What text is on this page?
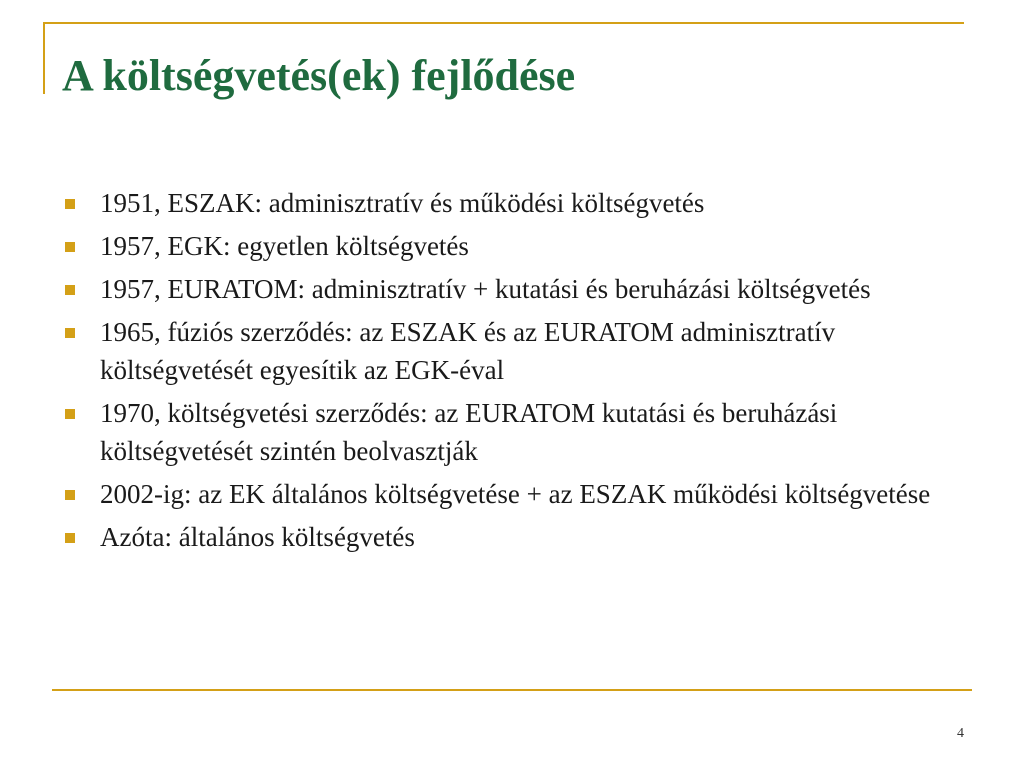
A költségvetés(ek) fejlődése
1951, ESZAK: adminisztratív és működési költségvetés
1957, EGK: egyetlen költségvetés
1957, EURATOM: adminisztratív + kutatási és beruházási költségvetés
1965, fúziós szerződés: az ESZAK és az EURATOM adminisztratív költségvetését egyesítik az EGK-éval
1970, költségvetési szerződés: az EURATOM kutatási és beruházási költségvetését szintén beolvasztják
2002-ig: az EK általános költségvetése + az ESZAK működési költségvetése
Azóta: általános költségvetés
4
